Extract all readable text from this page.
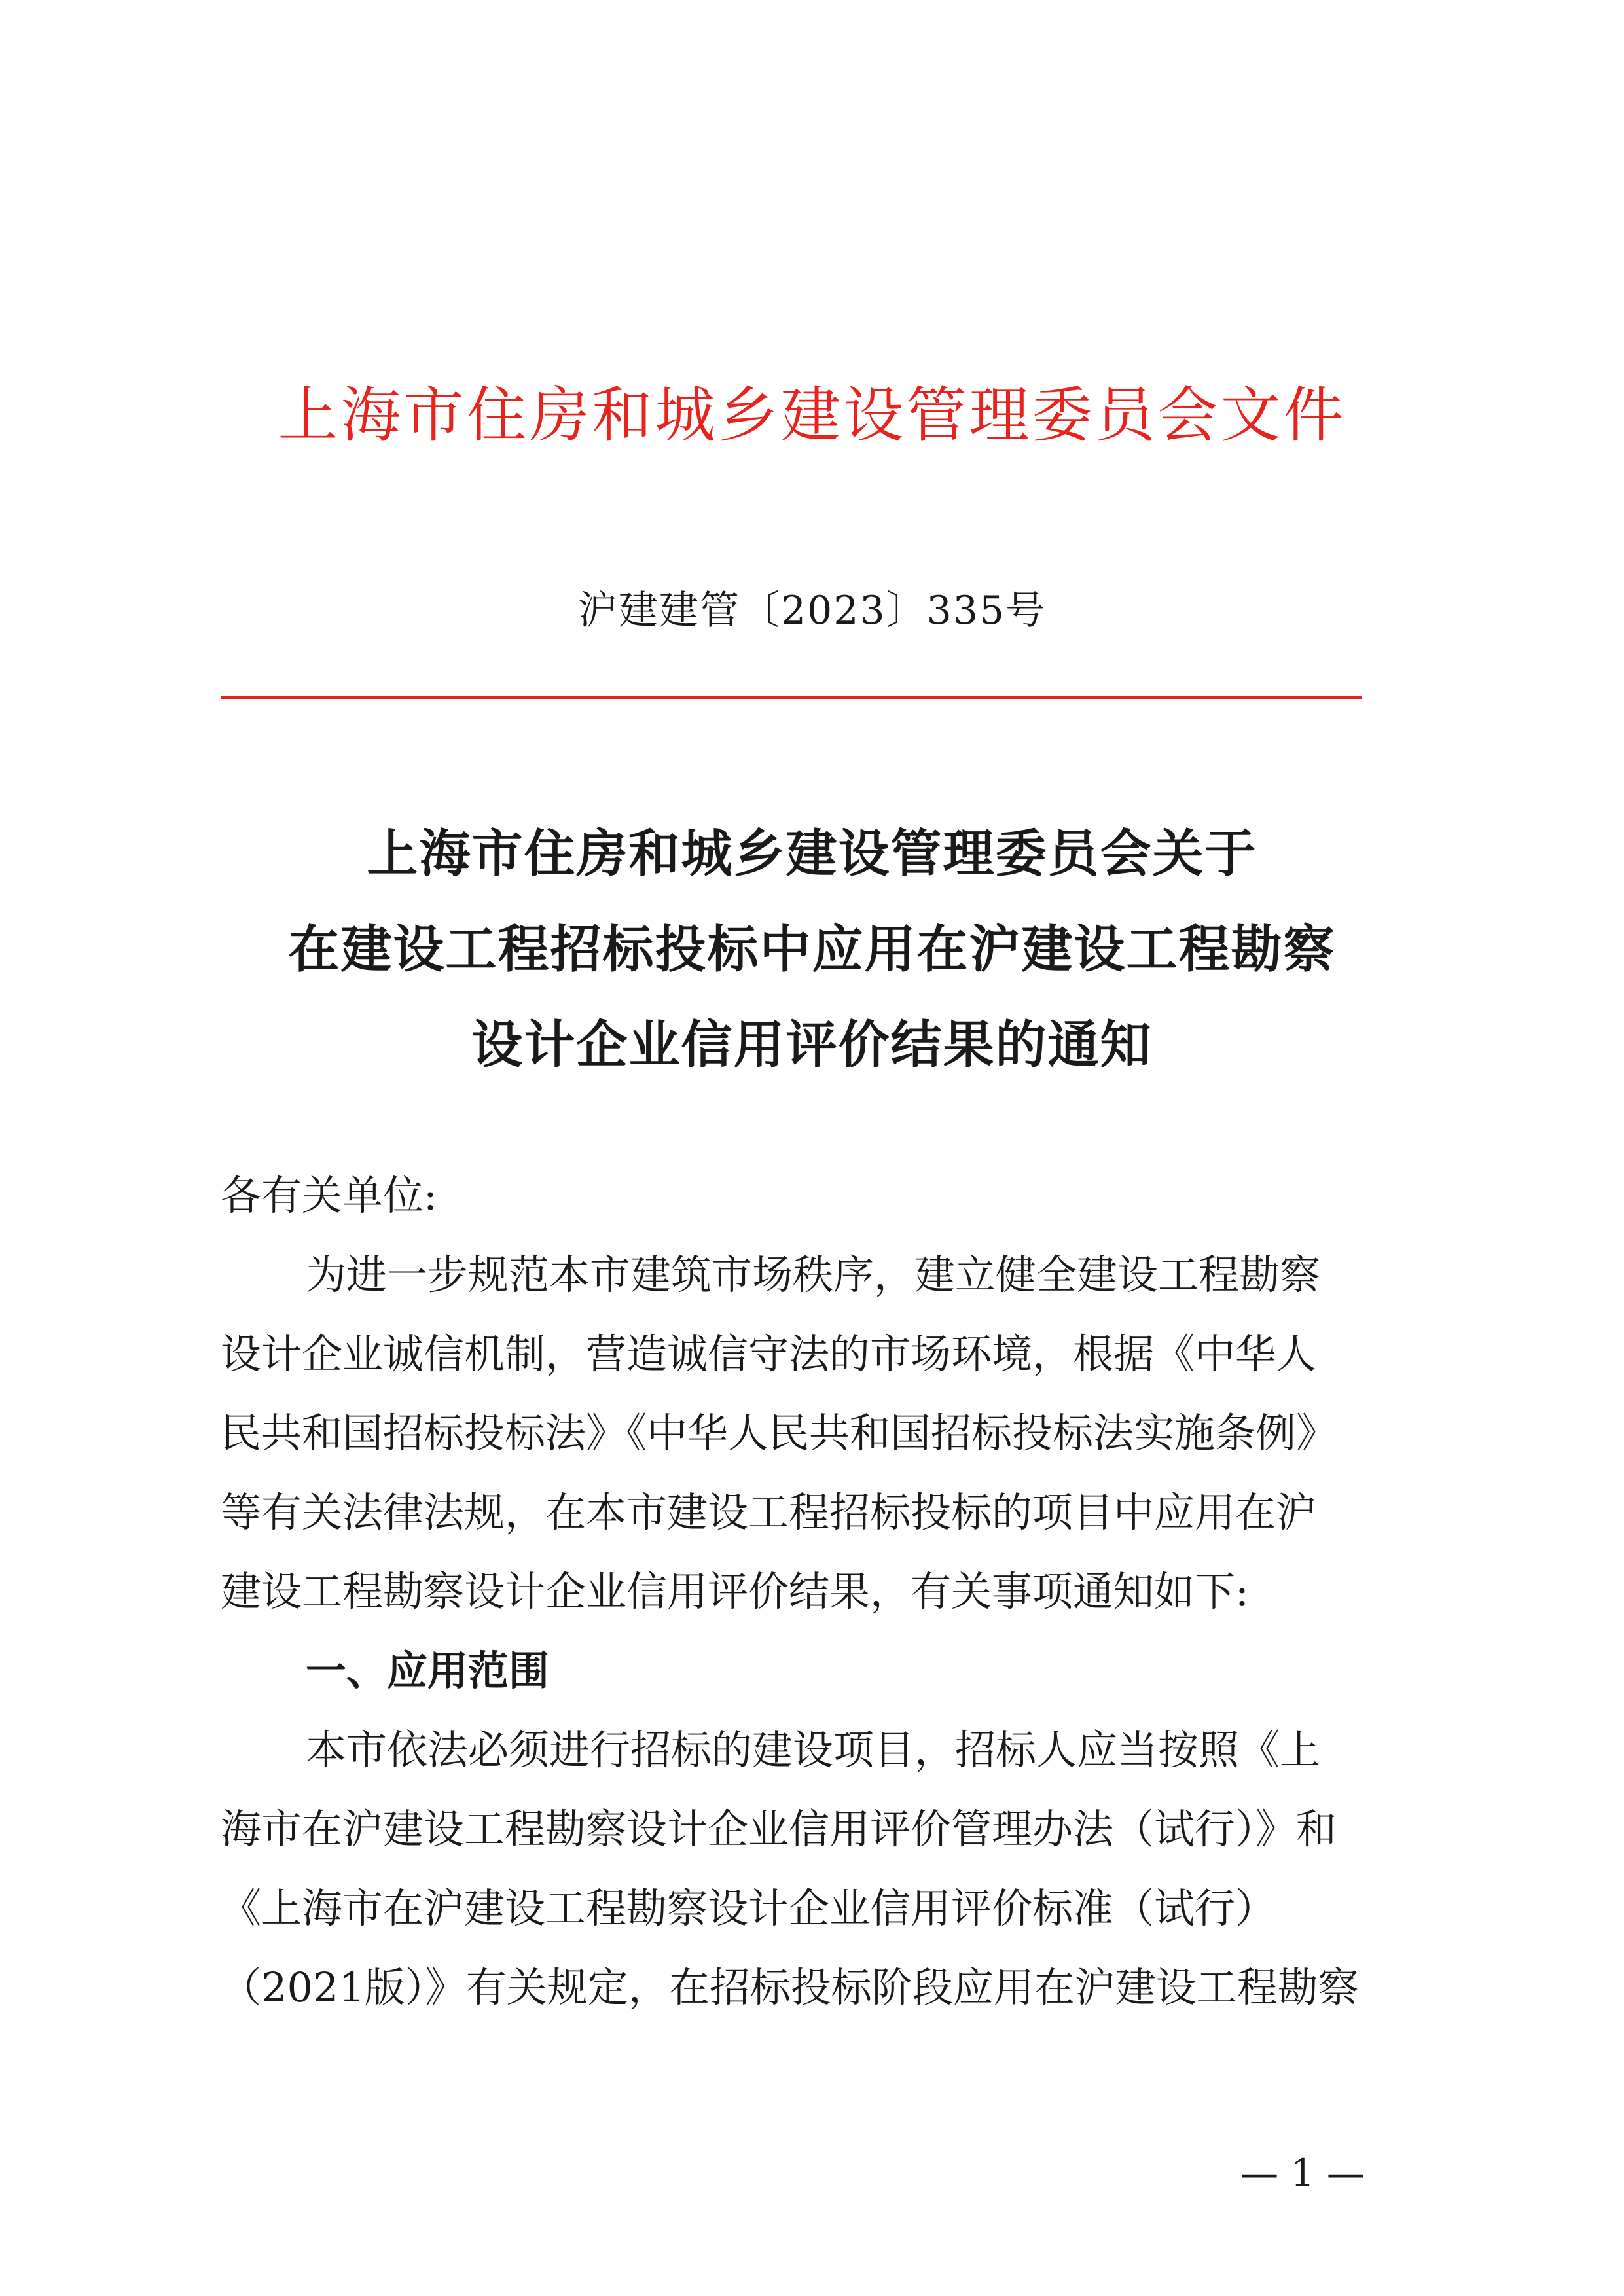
上海市住房和城乡建设管理委员会文件
沪建建管〔2023〕335号
上海市住房和城乡建设管理委员会关于
在建设工程招标投标中应用在沪建设工程勘察
设计企业信用评价结果的通知

各有关单位:

为进一步规范本市建筑市场秩序，建立健全建设工程勘察

设计企业诚信机制，营造诚信守法的市场环境，根据《中华人

民共和国招标投标法》《中华人民共和国招标投标法实施条例》

等有关法律法规，在本市建设工程招标投标的项目中应用在沪

建设工程勘察设计企业信用评价结果，有关事项通知如下:

一、应用范围

本市依法必须进行招标的建设项目，招标人应当按照《上

海市在沪建设工程勘察设计企业信用评价管理办法（试行）》和

《上海市在沪建设工程勘察设计企业信用评价标准（试行）

（2021版）》有关规定，在招标投标阶段应用在沪建设工程勘察

— 1 —
